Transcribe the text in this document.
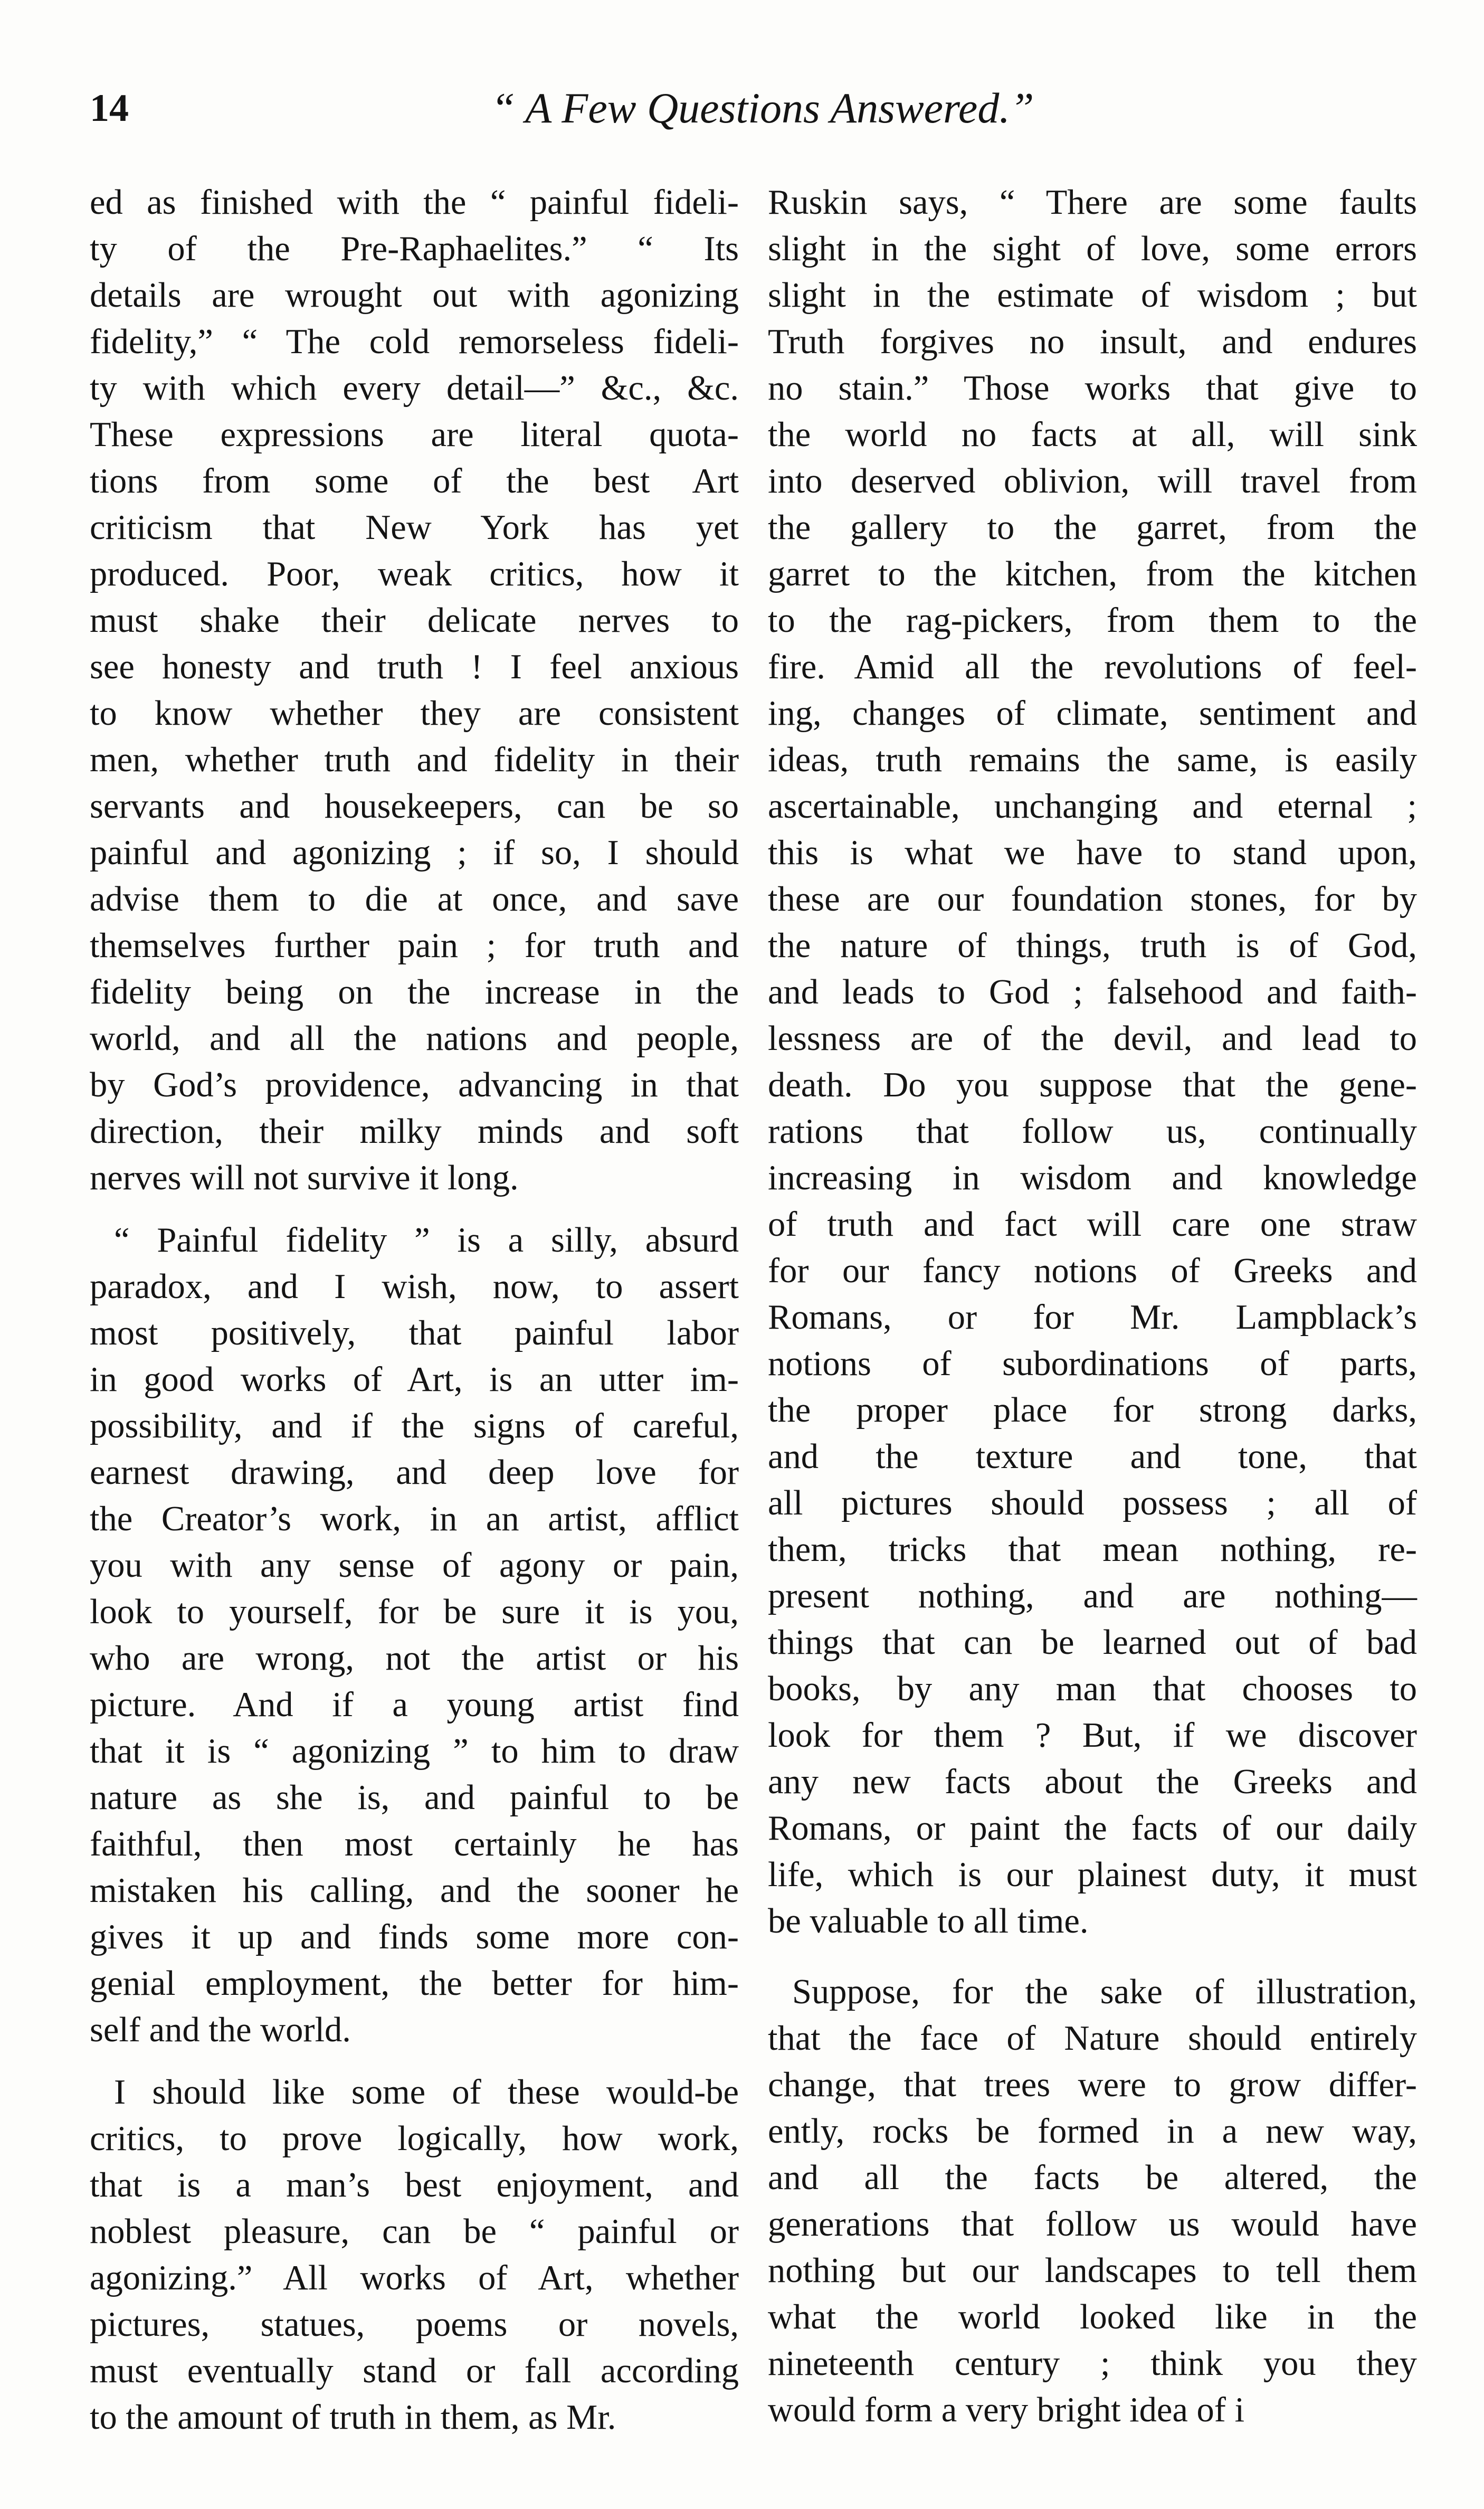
14	“ A Few Questions Answered.”
ed as finished with the “ painful fideli-
ty of the Pre-Raphaelites.” “ Its
details are wrought out with agonizing
fidelity,” “ The cold remorseless fideli-
ty with which every detail—” &c., &c.
These expressions are literal quota-
tions from some of the best Art
criticism that New York has yet
produced. Poor, weak critics, how it
must shake their delicate nerves to
see honesty and truth ! I feel anxious
to know whether they are consistent
men, whether truth and fidelity in their
servants and housekeepers, can be so
painful and agonizing ; if so, I should
advise them to die at once, and save
themselves further pain ; for truth and
fidelity being on the increase in the
world, and all the nations and people,
by God’s providence, advancing in that
direction, their milky minds and soft
nerves will not survive it long.
“ Painful fidelity ” is a silly, absurd
paradox, and I wish, now, to assert
most positively, that painful labor
in good works of Art, is an utter im-
possibility, and if the signs of careful,
earnest drawing, and deep love for
the Creator’s work, in an artist, afflict
you with any sense of agony or pain,
look to yourself, for be sure it is you,
who are wrong, not the artist or his
picture. And if a young artist find
that it is “ agonizing ” to him to draw
nature as she is, and painful to be
faithful, then most certainly he has
mistaken his calling, and the sooner he
gives it up and finds some more con-
genial employment, the better for him-
self and the world.
I should like some of these would-be
critics, to prove logically, how work,
that is a man’s best enjoyment, and
noblest pleasure, can be “ painful or
agonizing.” All works of Art, whether
pictures, statues, poems or novels,
must eventually stand or fall according
to the amount of truth in them, as Mr.
Ruskin says, “ There are some faults
slight in the sight of love, some errors
slight in the estimate of wisdom ; but
Truth forgives no insult, and endures
no stain.” Those works that give to
the world no facts at all, will sink
into deserved oblivion, will travel from
the gallery to the garret, from the
garret to the kitchen, from the kitchen
to the rag-pickers, from them to the
fire. Amid all the revolutions of feel-
ing, changes of climate, sentiment and
ideas, truth remains the same, is easily
ascertainable, unchanging and eternal ;
this is what we have to stand upon,
these are our foundation stones, for by
the nature of things, truth is of God,
and leads to God ; falsehood and faith-
lessness are of the devil, and lead to
death. Do you suppose that the gene-
rations that follow us, continually
increasing in wisdom and knowledge
of truth and fact will care one straw
for our fancy notions of Greeks and
Romans, or for Mr. Lampblack’s
notions of subordinations of parts,
the proper place for strong darks,
and the texture and tone, that
all pictures should possess ; all of
them, tricks that mean nothing, re-
present nothing, and are nothing—
things that can be learned out of bad
books, by any man that chooses to
look for them ? But, if we discover
any new facts about the Greeks and
Romans, or paint the facts of our daily
life, which is our plainest duty, it must
be valuable to all time.
Suppose, for the sake of illustration,
that the face of Nature should entirely
change, that trees were to grow differ-
ently, rocks be formed in a new way,
and all the facts be altered, the
generations that follow us would have
nothing but our landscapes to tell them
what the world looked like in the
nineteenth century ; think you they
would form a very bright idea of i
